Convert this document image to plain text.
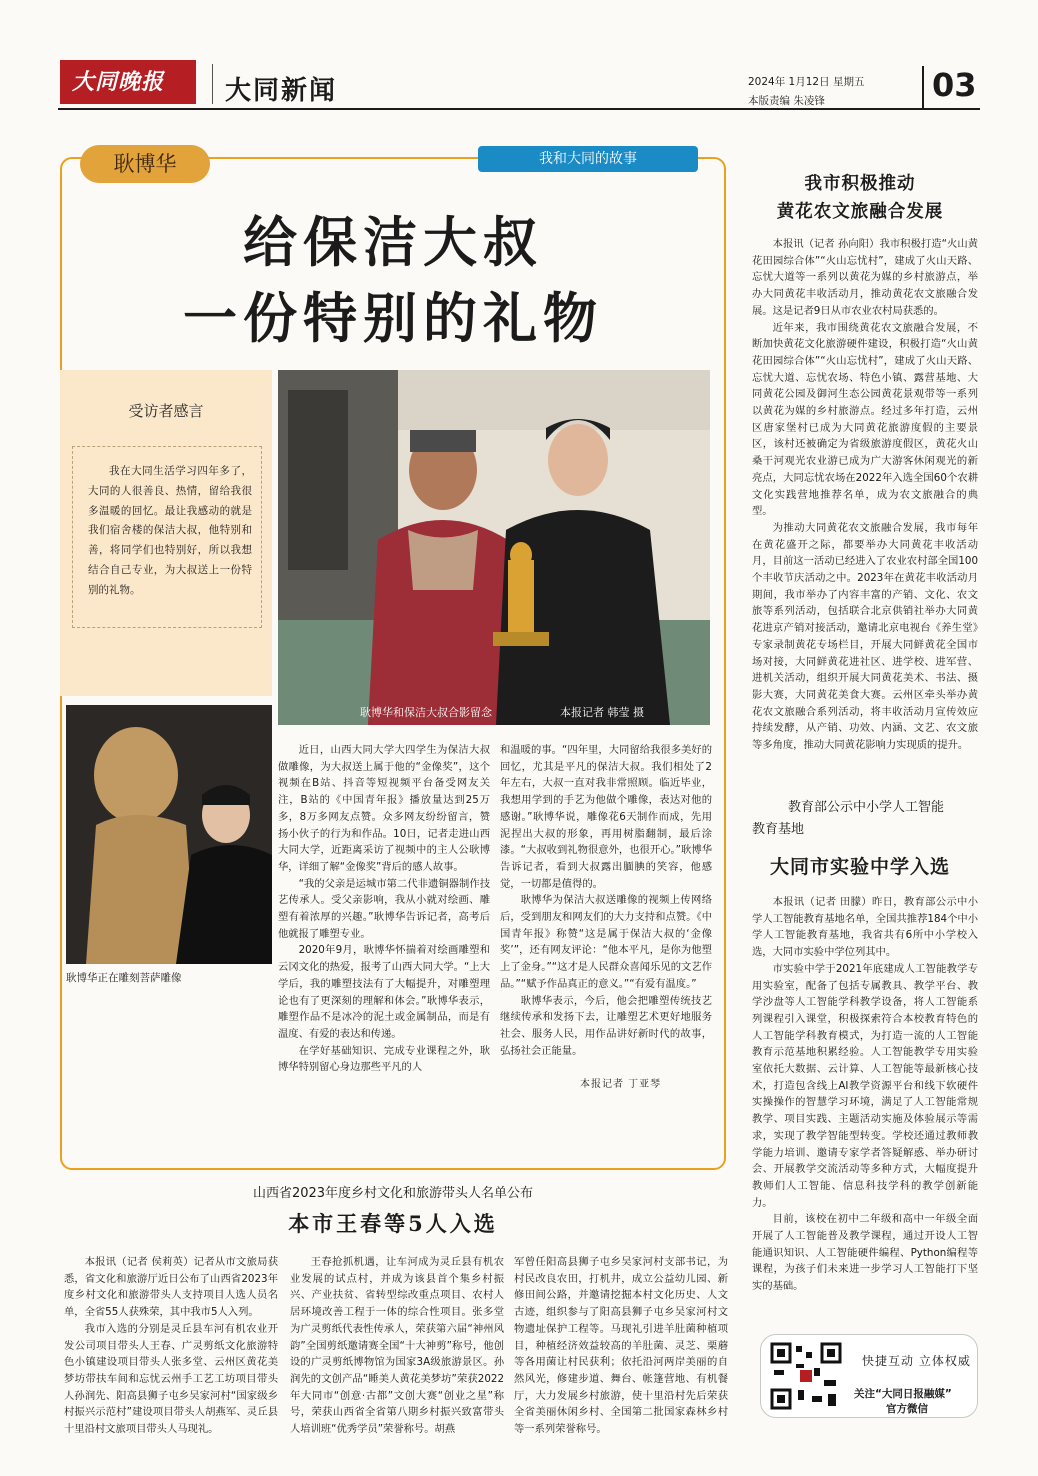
大同晚报	大同新闻	2024年 1月12日 星期五
本版责编 朱凌锋	03
耿博华	我和大同的故事
给保洁大叔
一份特别的礼物
受访者感言
我在大同生活学习四年多了，大同的人很善良、热情，留给我很多温暖的回忆。最让我感动的就是我们宿舍楼的保洁大叔，他特别和善，将同学们也特别好，所以我想结合自己专业，为大叔送上一份特别的礼物。
耿博华和保洁大叔合影留念	本报记者 韩莹 摄
耿博华正在雕刻菩萨雕像

近日，山西大同大学大四学生为保洁大叔做雕像，为大叔送上属于他的“金像奖”，这个视频在B站、抖音等短视频平台备受网友关注，B站的《中国青年报》播放量达到25万多，8万多网友点赞。众多网友纷纷留言，赞扬小伙子的行为和作品。10日，记者走进山西大同大学，近距离采访了视频中的主人公耿博华，详细了解“金像奖”背后的感人故事。

“我的父亲是运城市第二代非遗铜器制作技艺传承人。受父亲影响，我从小就对绘画、雕塑有着浓厚的兴趣。”耿博华告诉记者，高考后他就报了雕塑专业。

2020年9月，耿博华怀揣着对绘画雕塑和云冈文化的热爱，报考了山西大同大学。“上大学后，我的雕塑技法有了大幅提升，对雕塑理论也有了更深刻的理解和体会。”耿博华表示，雕塑作品不是冰冷的泥土或金属制品，而是有温度、有爱的表达和传递。

在学好基础知识、完成专业课程之外，耿博华特别留心身边那些平凡的人

和温暖的事。“四年里，大同留给我很多美好的回忆，尤其是平凡的保洁大叔。我们相处了2年左右，大叔一直对我非常照顾。临近毕业，我想用学到的手艺为他做个雕像，表达对他的感谢。”耿博华说，雕像花6天制作而成，先用泥捏出大叔的形象，再用树脂翻制，最后涂漆。“大叔收到礼物很意外，也很开心。”耿博华告诉记者，看到大叔露出腼腆的笑容，他感觉，一切都是值得的。

耿博华为保洁大叔送雕像的视频上传网络后，受到朋友和网友们的大力支持和点赞。《中国青年报》称赞“这是属于保洁大叔的‘金像奖’”，还有网友评论：“他本平凡，是你为他塑上了金身。”“这才是人民群众喜闻乐见的文艺作品。”“赋予作品真正的意义。”“有爱有温度。”

耿博华表示，今后，他会把雕塑传统技艺继续传承和发扬下去，让雕塑艺术更好地服务社会、服务人民，用作品讲好新时代的故事，弘扬社会正能量。

本报记者 丁亚琴
我市积极推动
黄花农文旅融合发展

本报讯（记者 孙向阳）我市积极打造“火山黄花田园综合体”“火山忘忧村”，建成了火山天路、忘忧大道等一系列以黄花为媒的乡村旅游点，举办大同黄花丰收活动月，推动黄花农文旅融合发展。这是记者9日从市农业农村局获悉的。

近年来，我市围绕黄花农文旅融合发展，不断加快黄花文化旅游硬件建设，积极打造“火山黄花田园综合体”“火山忘忧村”，建成了火山天路、忘忧大道、忘忧农场、特色小镇、露营基地、大同黄花公园及御河生态公园黄花景观带等一系列以黄花为媒的乡村旅游点。经过多年打造，云州区唐家堡村已成为大同黄花旅游度假的主要景区，该村还被确定为省级旅游度假区，黄花火山桑干河观光农业游已成为广大游客休闲观光的新亮点，大同忘忧农场在2022年入选全国60个农耕文化实践营地推荐名单，成为农文旅融合的典型。

为推动大同黄花农文旅融合发展，我市每年在黄花盛开之际，都要举办大同黄花丰收活动月，目前这一活动已经进入了农业农村部全国100个丰收节庆活动之中。2023年在黄花丰收活动月期间，我市举办了内容丰富的产销、文化、农文旅等系列活动，包括联合北京供销社举办大同黄花进京产销对接活动，邀请北京电视台《养生堂》专家录制黄花专场栏目，开展大同鲜黄花全国市场对接，大同鲜黄花进社区、进学校、进军营、进机关活动，组织开展大同黄花美术、书法、摄影大赛，大同黄花美食大赛。云州区牵头举办黄花农文旅融合系列活动，将丰收活动月宣传效应持续发酵，从产销、功效、内涵、文艺、农文旅等多角度，推动大同黄花影响力实现质的提升。

教育部公示中小学人工智能
教育基地
大同市实验中学入选

本报讯（记者 田朦）昨日，教育部公示中小学人工智能教育基地名单，全国共推荐184个中小学人工智能教育基地，我省共有6所中小学校入选，大同市实验中学位列其中。

市实验中学于2021年底建成人工智能教学专用实验室，配备了包括专属教具、教学平台、教学沙盘等人工智能学科教学设备，将人工智能系列课程引入课堂，积极探索符合本校教育特色的人工智能学科教育模式，为打造一流的人工智能教育示范基地积累经验。人工智能教学专用实验室依托大数据、云计算、人工智能等最新核心技术，打造包含线上AI教学资源平台和线下软硬件实操操作的智慧学习环境，满足了人工智能常规教学、项目实践、主题活动实施及体验展示等需求，实现了教学智能型转变。学校还通过教师教学能力培训、邀请专家学者答疑解惑、举办研讨会、开展教学交流活动等多种方式，大幅度提升教师们人工智能、信息科技学科的教学创新能力。

目前，该校在初中二年级和高中一年级全面开展了人工智能普及教学课程，通过开设人工智能通识知识、人工智能硬件编程、Python编程等课程，为孩子们未来进一步学习人工智能打下坚实的基础。

快捷互动 立体权威
关注“大同日报融媒”
官方微信
山西省2023年度乡村文化和旅游带头人名单公布
本市王春等5人入选

本报讯（记者 侯莉英）记者从市文旅局获悉，省文化和旅游厅近日公布了山西省2023年度乡村文化和旅游带头人支持项目人选人员名单，全省55人获殊荣，其中我市5人入列。

我市入选的分别是灵丘县车河有机农业开发公司项目带头人王春、广灵剪纸文化旅游特色小镇建设项目带头人张多堂、云州区黄花美梦坊带扶车间和忘忧云州手工艺工坊项目带头人孙润先、阳高县狮子屯乡吴家河村“国家级乡村振兴示范村”建设项目带头人胡燕军、灵丘县十里沿村文旅项目带头人马现礼。

王春抢抓机遇，让车河成为灵丘县有机农业发展的试点村，并成为该县首个集乡村振兴、产业扶贫、省转型综改重点项目、农村人居环境改善工程于一体的综合性项目。张多堂为广灵剪纸代表性传承人，荣获第六届“神州风韵”全国剪纸邀请赛全国“十大神剪”称号，他创设的广灵剪纸博物馆为国家3A级旅游景区。孙润先的文创产品“睡美人黄花美梦坊”荣获2022年大同市“创意·古都”文创大赛“创业之星”称号，荣获山西省全省第八期乡村振兴致富带头人培训班“优秀学员”荣誉称号。胡燕

军曾任阳高县狮子屯乡吴家河村支部书记，为村民改良农田，打机井，成立公益幼儿园、新修田间公路，并邀请挖掘本村文化历史、人文古迹，组织参与了阳高县狮子屯乡吴家河村文物遗址保护工程等。马现礼引进羊肚菌种植项目，种植经济效益较高的羊肚菌、灵芝、栗蘑等各用菌让村民获利；依托沿河两岸美丽的自然风光，修建步道、舞台、帐篷营地、有机餐厅，大力发展乡村旅游，使十里沿村先后荣获全省美丽休闲乡村、全国第二批国家森林乡村等一系列荣誉称号。
